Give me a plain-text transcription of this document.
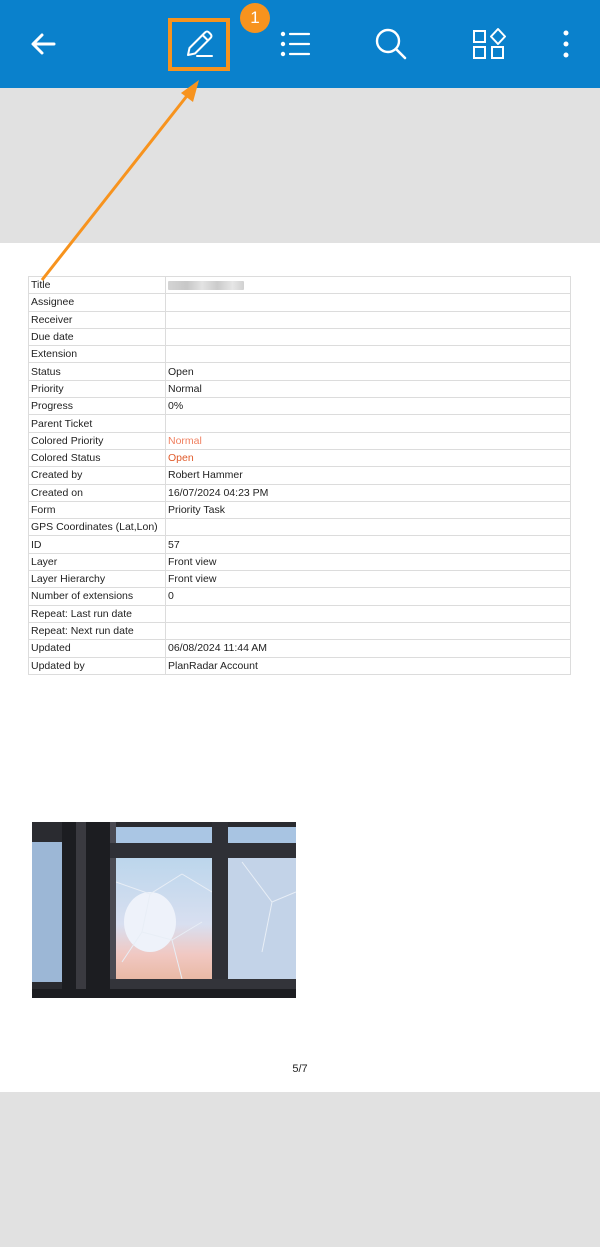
1
Title	
Assignee	
Receiver	
Due date	
Extension	
Status	Open
Priority	Normal
Progress	0%
Parent Ticket	
Colored Priority	Normal
Colored Status	Open
Created by	Robert Hammer
Created on	16/07/2024 04:23 PM
Form	Priority Task
GPS Coordinates (Lat,Lon)	
ID	57
Layer	Front view
Layer Hierarchy	Front view
Number of extensions	0
Repeat: Last run date	
Repeat: Next run date	
Updated	06/08/2024 11:44 AM
Updated by	PlanRadar Account
5/7
